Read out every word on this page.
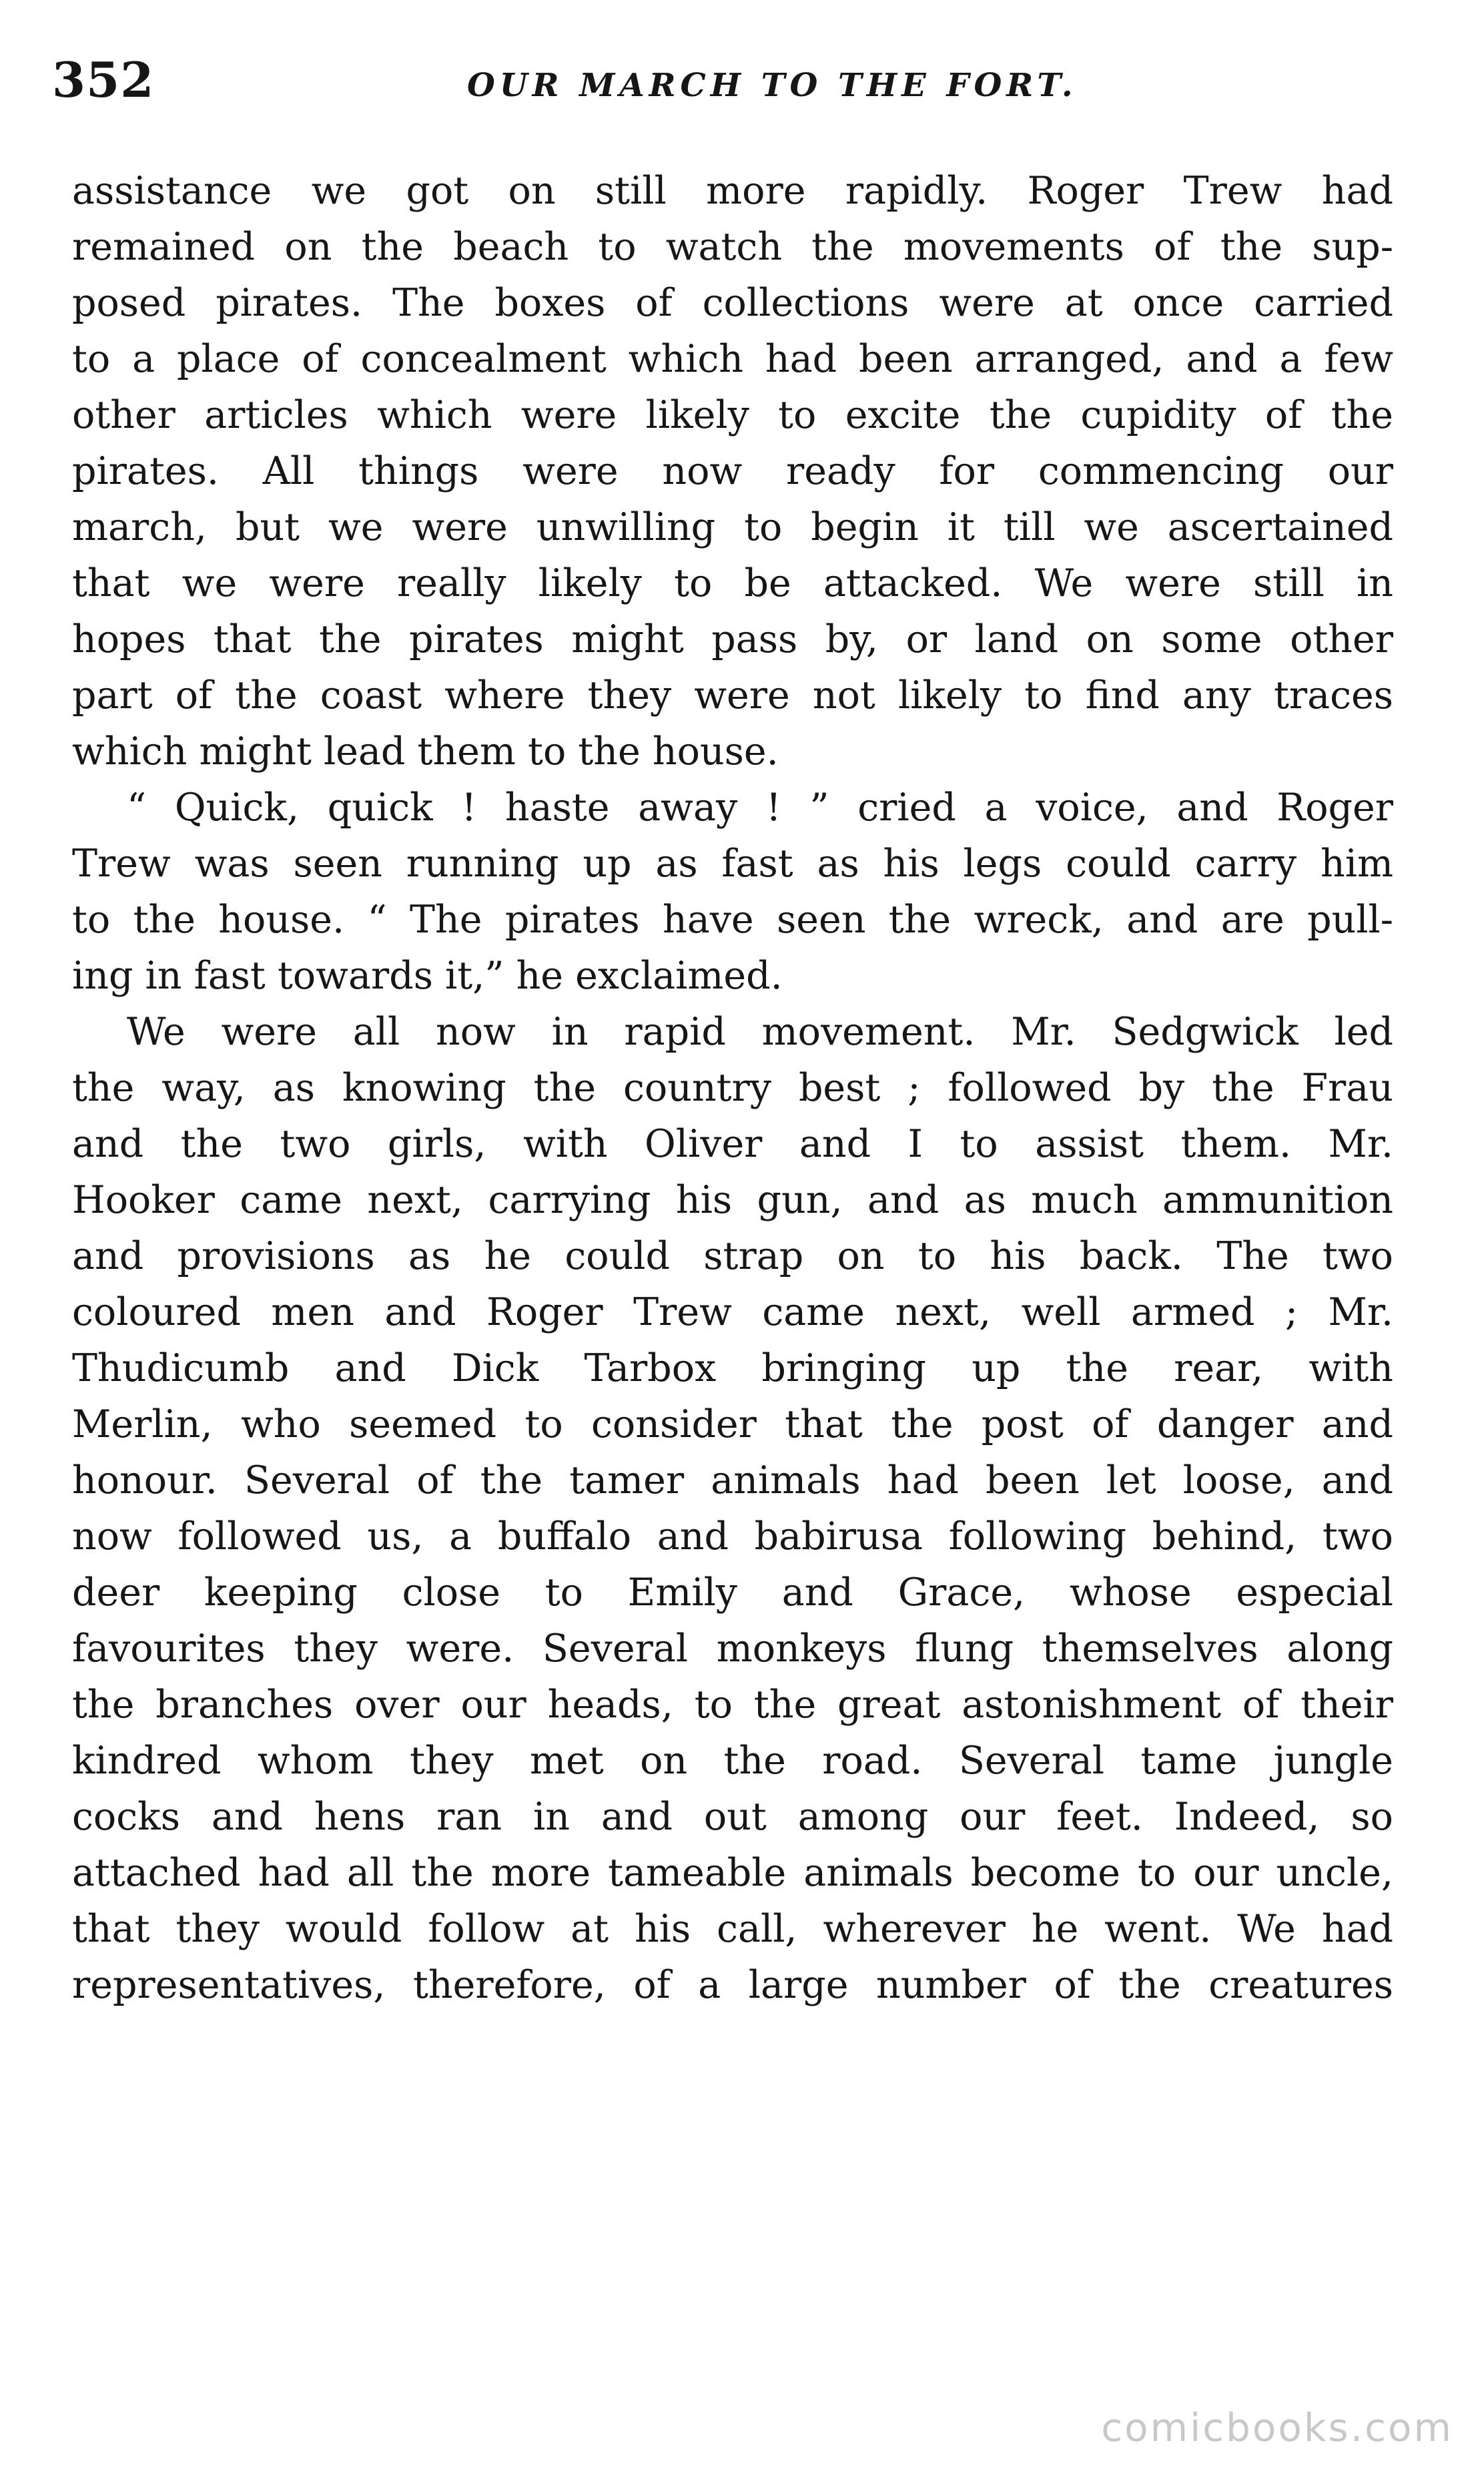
352	OUR MARCH TO THE FORT.
assistance we got on still more rapidly. Roger Trew had
remained on the beach to watch the movements of the sup-
posed pirates. The boxes of collections were at once carried
to a place of concealment which had been arranged, and a few
other articles which were likely to excite the cupidity of the
pirates. All things were now ready for commencing our
march, but we were unwilling to begin it till we ascertained
that we were really likely to be attacked. We were still in
hopes that the pirates might pass by, or land on some other
part of the coast where they were not likely to find any traces
which might lead them to the house.
“ Quick, quick ! haste away ! ” cried a voice, and Roger
Trew was seen running up as fast as his legs could carry him
to the house. “ The pirates have seen the wreck, and are pull-
ing in fast towards it,” he exclaimed.
We were all now in rapid movement. Mr. Sedgwick led
the way, as knowing the country best ; followed by the Frau
and the two girls, with Oliver and I to assist them. Mr.
Hooker came next, carrying his gun, and as much ammunition
and provisions as he could strap on to his back. The two
coloured men and Roger Trew came next, well armed ; Mr.
Thudicumb and Dick Tarbox bringing up the rear, with
Merlin, who seemed to consider that the post of danger and
honour. Several of the tamer animals had been let loose, and
now followed us, a buffalo and babirusa following behind, two
deer keeping close to Emily and Grace, whose especial
favourites they were. Several monkeys flung themselves along
the branches over our heads, to the great astonishment of their
kindred whom they met on the road. Several tame jungle
cocks and hens ran in and out among our feet. Indeed, so
attached had all the more tameable animals become to our uncle,
that they would follow at his call, wherever he went. We had
representatives, therefore, of a large number of the creatures
comicbooks.com
